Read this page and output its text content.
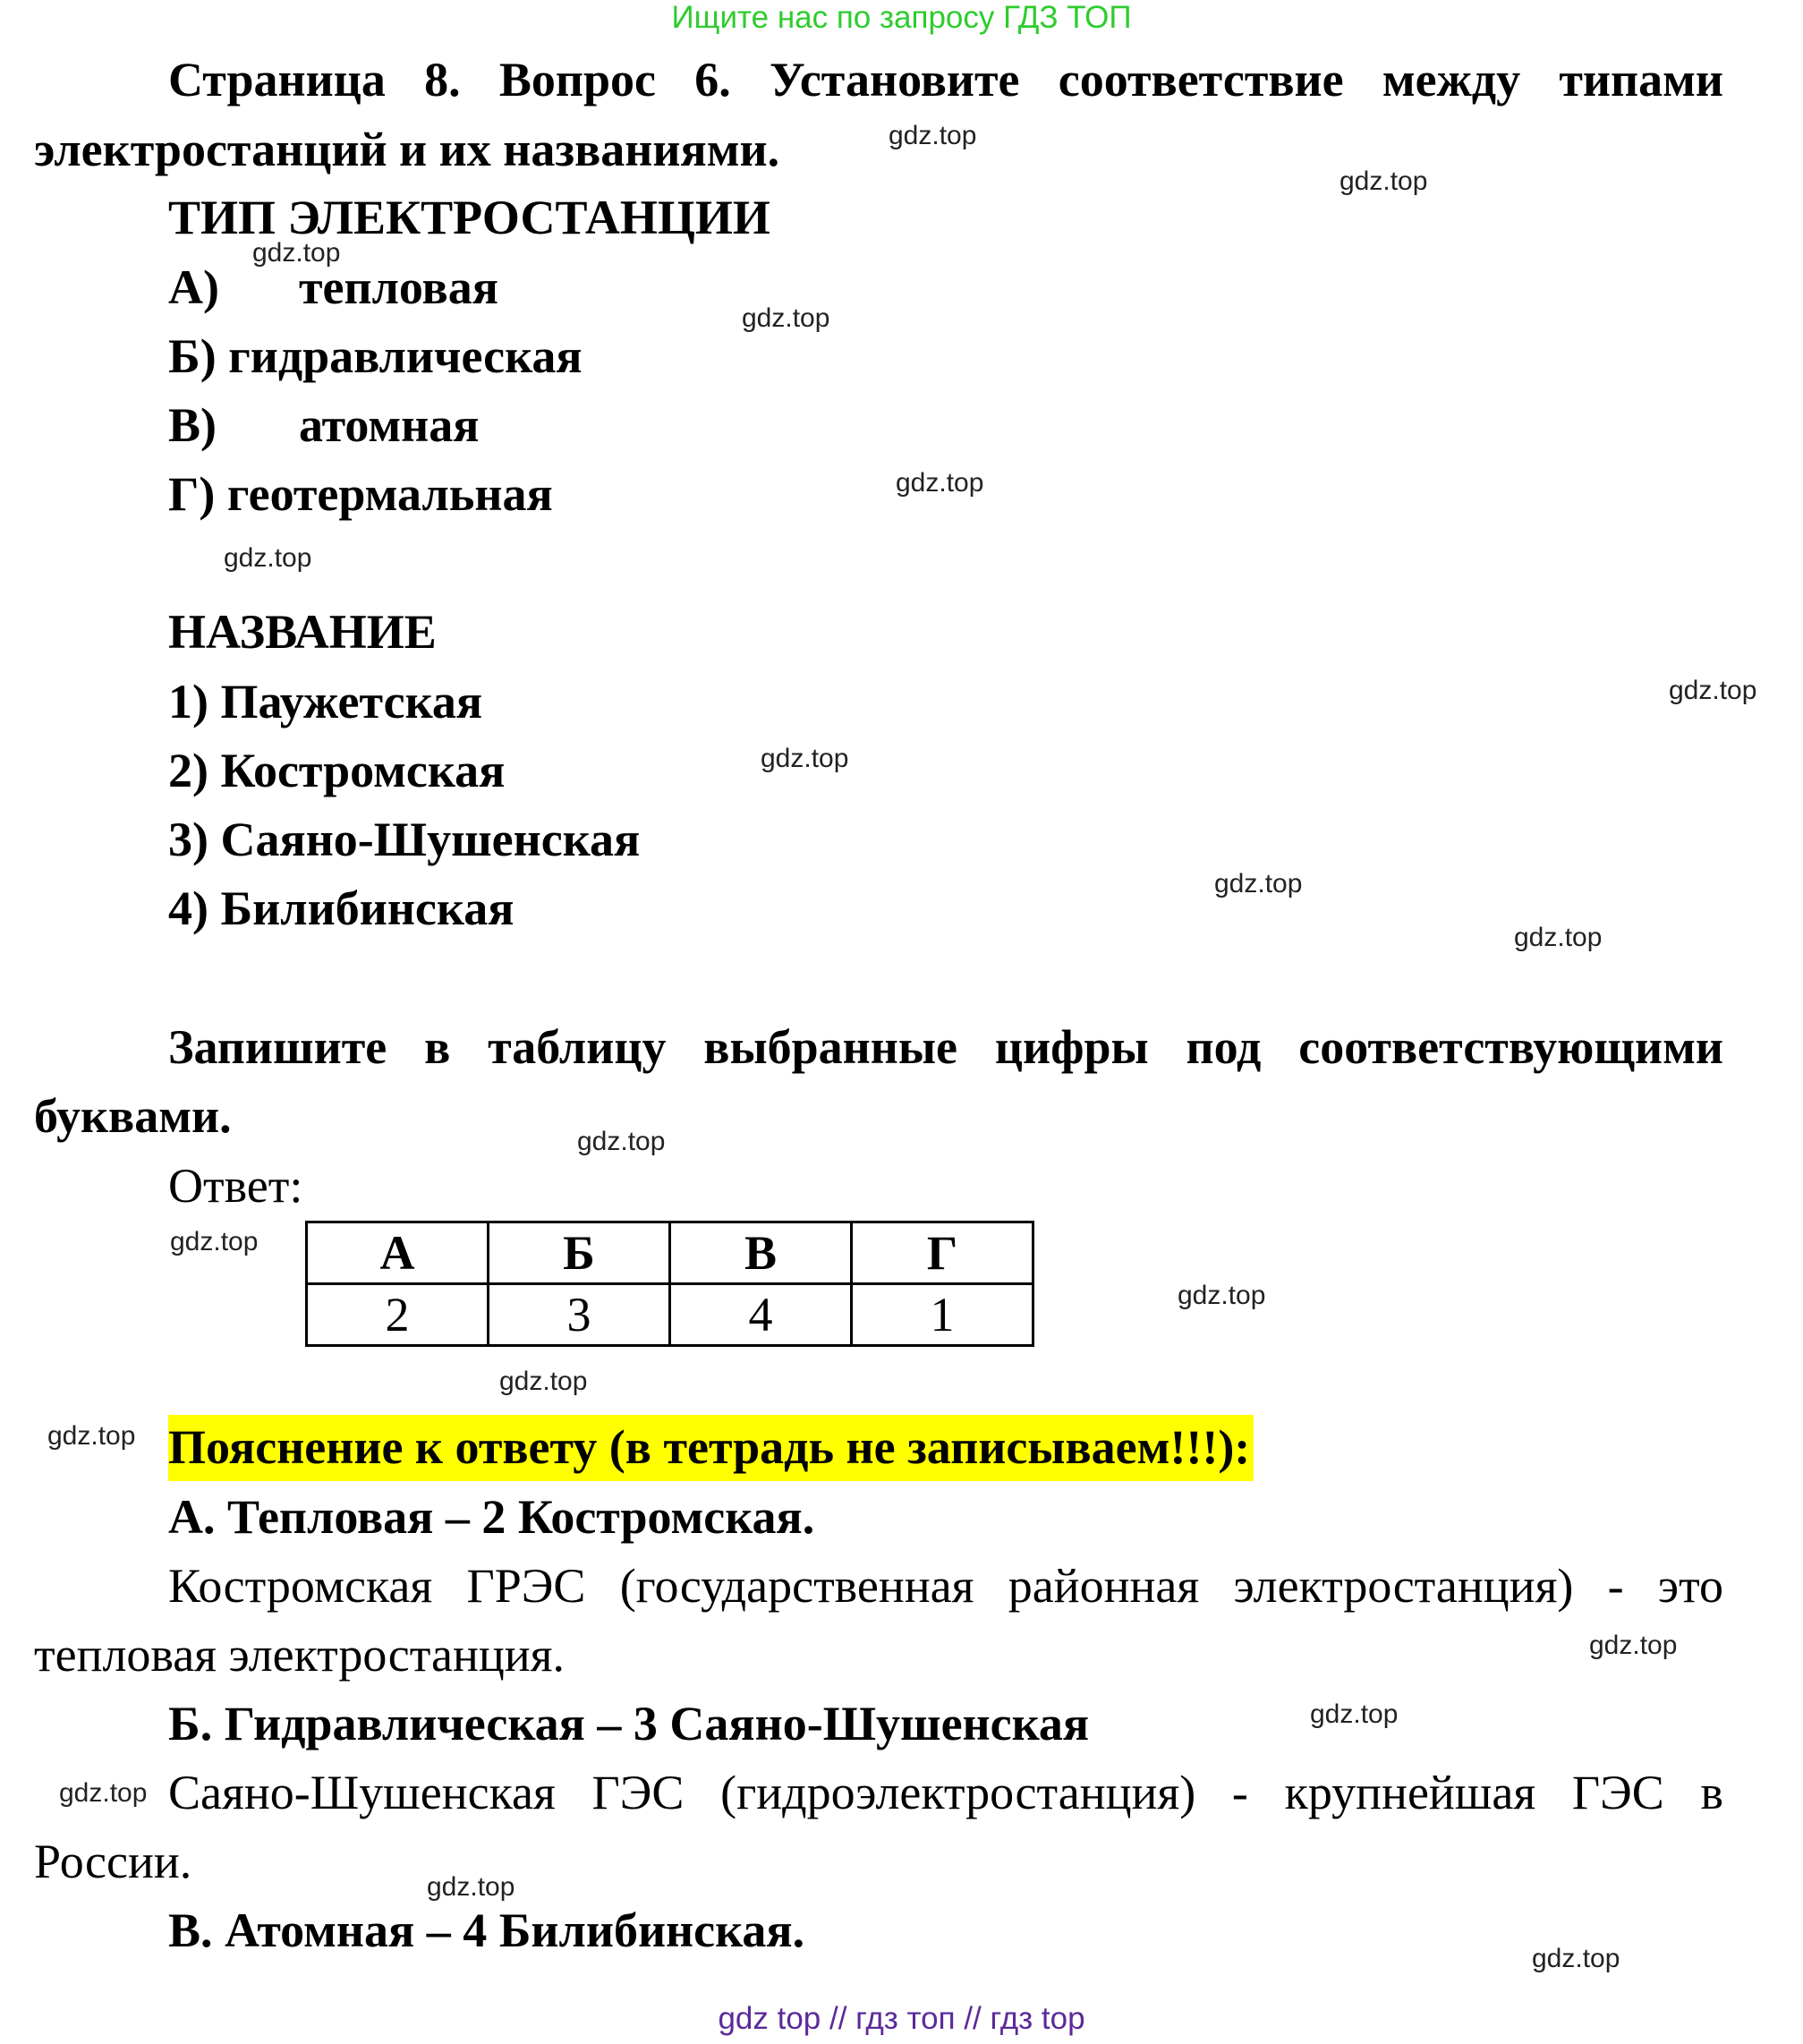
Ищите нас по запросу ГДЗ ТОП
Страница 8. Вопрос 6. Установите соответствие между типами
электростанций и их названиями.
ТИП ЭЛЕКТРОСТАНЦИИ
А) тепловая
Б) гидравлическая
В) атомная
Г) геотермальная
НАЗВАНИЕ
1) Паужетская
2) Костромская
3) Саяно-Шушенская
4) Билибинская
Запишите в таблицу выбранные цифры под соответствующими
буквами.
Ответ:
А	Б	В	Г
2	3	4	1
Пояснение к ответу (в тетрадь не записываем!!!):
А. Тепловая – 2 Костромская.
Костромская ГРЭС (государственная районная электростанция) - это
тепловая электростанция.
Б. Гидравлическая – 3 Саяно-Шушенская
Саяно-Шушенская ГЭС (гидроэлектростанция) - крупнейшая ГЭС в
России.
В. Атомная – 4 Билибинская.
gdz.top
gdz.top
gdz.top
gdz.top
gdz.top
gdz.top
gdz.top
gdz.top
gdz.top
gdz.top
gdz.top
gdz.top
gdz.top
gdz.top
gdz.top
gdz.top
gdz.top
gdz.top
gdz.top
gdz.top
gdz top // гдз топ // гдз top
